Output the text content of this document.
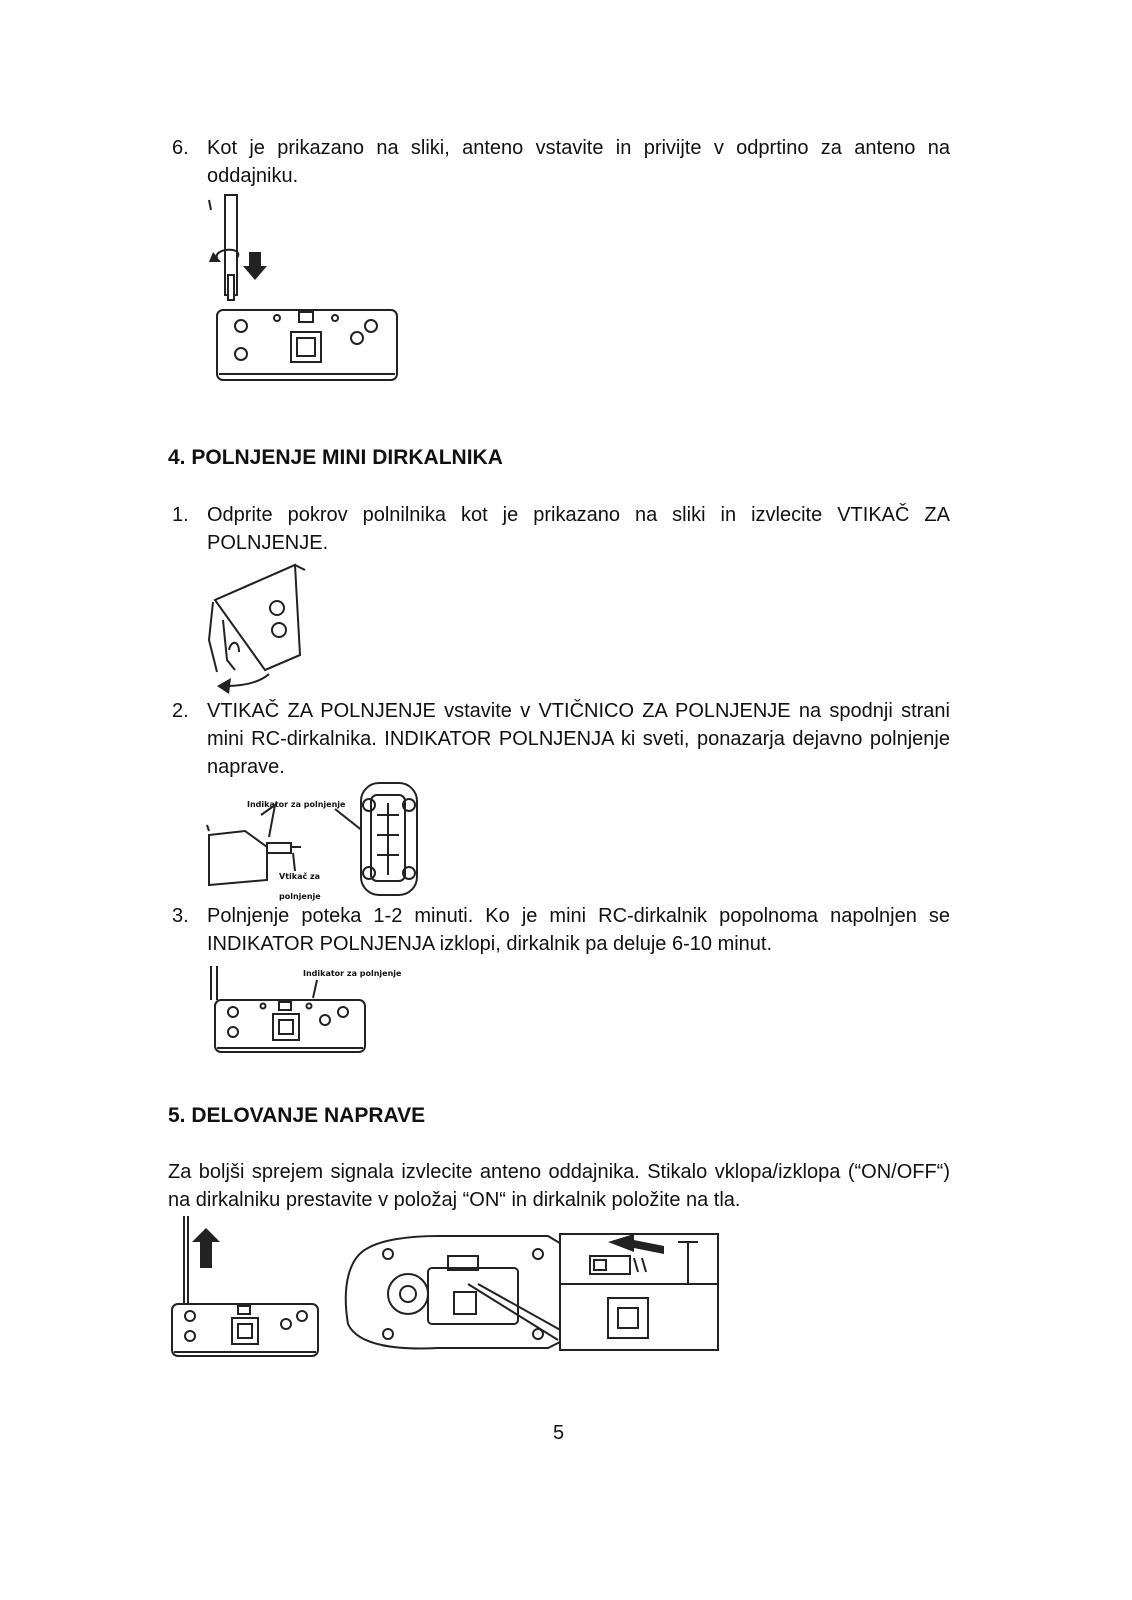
6. Kot je prikazano na sliki, anteno vstavite in privijte v odprtino za anteno na oddajniku.
4. POLNJENJE MINI DIRKALNIKA
1. Odprite pokrov polnilnika kot je prikazano na sliki in izvlecite VTIKAČ ZA POLNJENJE.
2. VTIKAČ ZA POLNJENJE vstavite v VTIČNICO ZA POLNJENJE na spodnji strani mini RC-dirkalnika. INDIKATOR POLNJENJA ki sveti, ponazarja dejavno polnjenje naprave.
Indikator za polnjenje
Vtikač za
polnjenje
3. Polnjenje poteka 1-2 minuti. Ko je mini RC-dirkalnik popolnoma napolnjen se INDIKATOR POLNJENJA izklopi, dirkalnik pa deluje 6-10 minut.
Indikator za polnjenje
5. DELOVANJE NAPRAVE
Za boljši sprejem signala izvlecite anteno oddajnika. Stikalo vklopa/izklopa (“ON/OFF“) na dirkalniku prestavite v položaj “ON“ in dirkalnik položite na tla.
5
